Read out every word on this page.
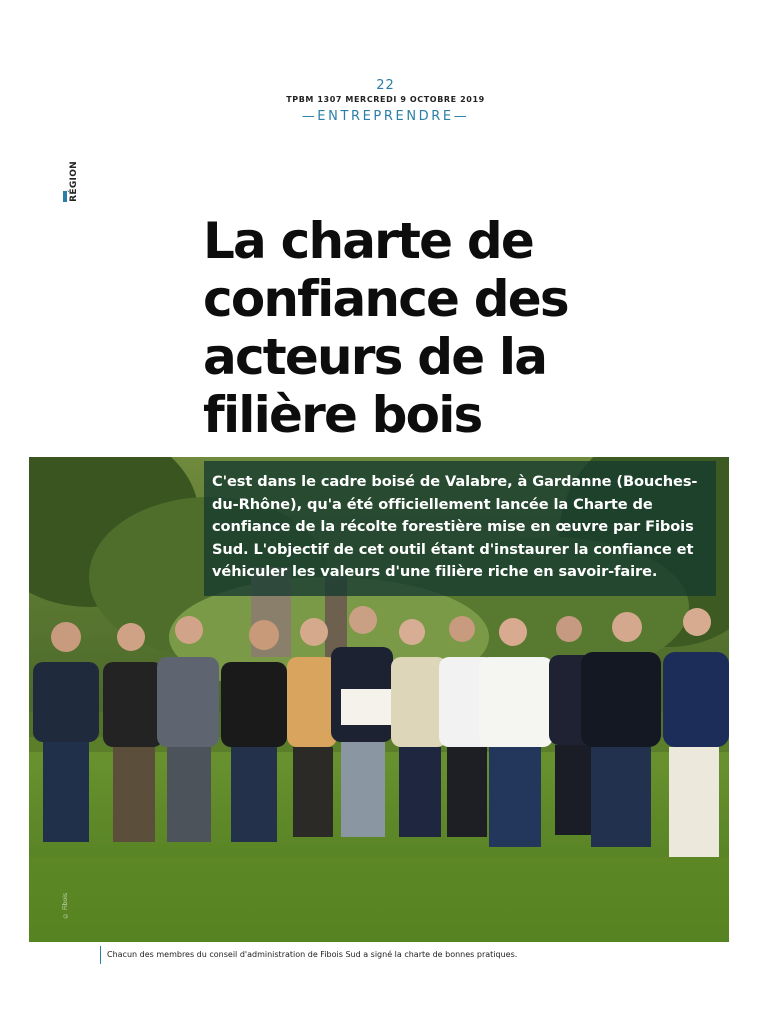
22
TPBM 1307 MERCREDI 9 OCTOBRE 2019
—ENTREPRENDRE—
RÉGION
La charte de confiance des acteurs de la filière bois
C'est dans le cadre boisé de Valabre, à Gardanne (Bouches-du-Rhône), qu'a été officiellement lancée la Charte de confiance de la récolte forestière mise en œuvre par Fibois Sud. L'objectif de cet outil étant d'instaurer la confiance et véhiculer les valeurs d'une filière riche en savoir-faire.
© Fibois
Chacun des membres du conseil d'administration de Fibois Sud a signé la charte de bonnes pratiques.
